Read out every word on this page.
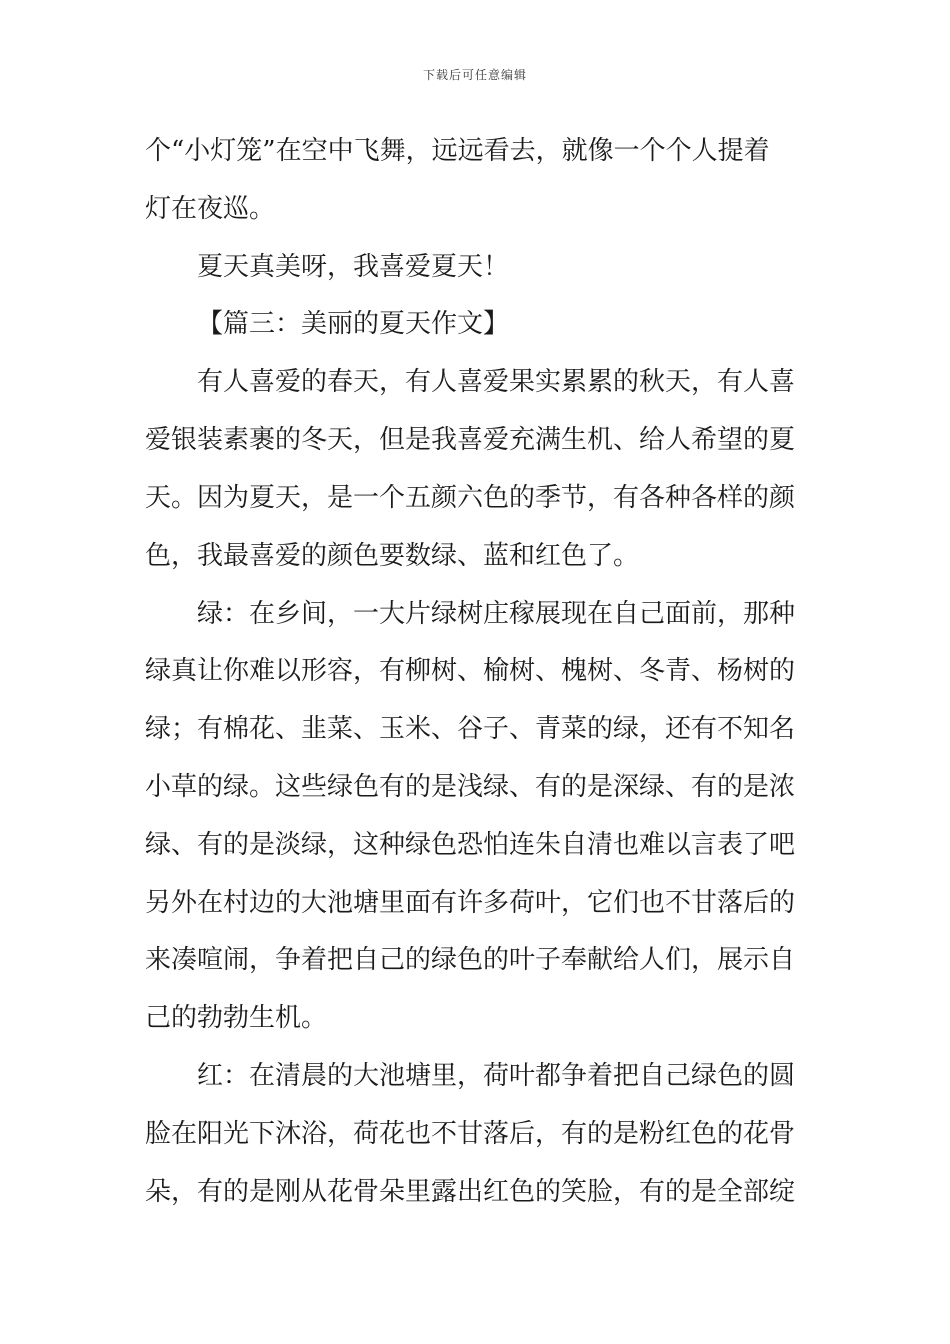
下载后可任意编辑
个“小灯笼”在空中飞舞，远远看去，就像一个个人提着
灯在夜巡。
夏天真美呀，我喜爱夏天！
【篇三：美丽的夏天作文】
有人喜爱的春天，有人喜爱果实累累的秋天，有人喜
爱银装素裹的冬天，但是我喜爱充满生机、给人希望的夏
天。因为夏天，是一个五颜六色的季节，有各种各样的颜
色，我最喜爱的颜色要数绿、蓝和红色了。
绿：在乡间，一大片绿树庄稼展现在自己面前，那种
绿真让你难以形容，有柳树、榆树、槐树、冬青、杨树的
绿；有棉花、韭菜、玉米、谷子、青菜的绿，还有不知名
小草的绿。这些绿色有的是浅绿、有的是深绿、有的是浓
绿、有的是淡绿，这种绿色恐怕连朱自清也难以言表了吧
另外在村边的大池塘里面有许多荷叶，它们也不甘落后的
来凑喧闹，争着把自己的绿色的叶子奉献给人们，展示自
己的勃勃生机。
红：在清晨的大池塘里，荷叶都争着把自己绿色的圆
脸在阳光下沐浴，荷花也不甘落后，有的是粉红色的花骨
朵，有的是刚从花骨朵里露出红色的笑脸，有的是全部绽
